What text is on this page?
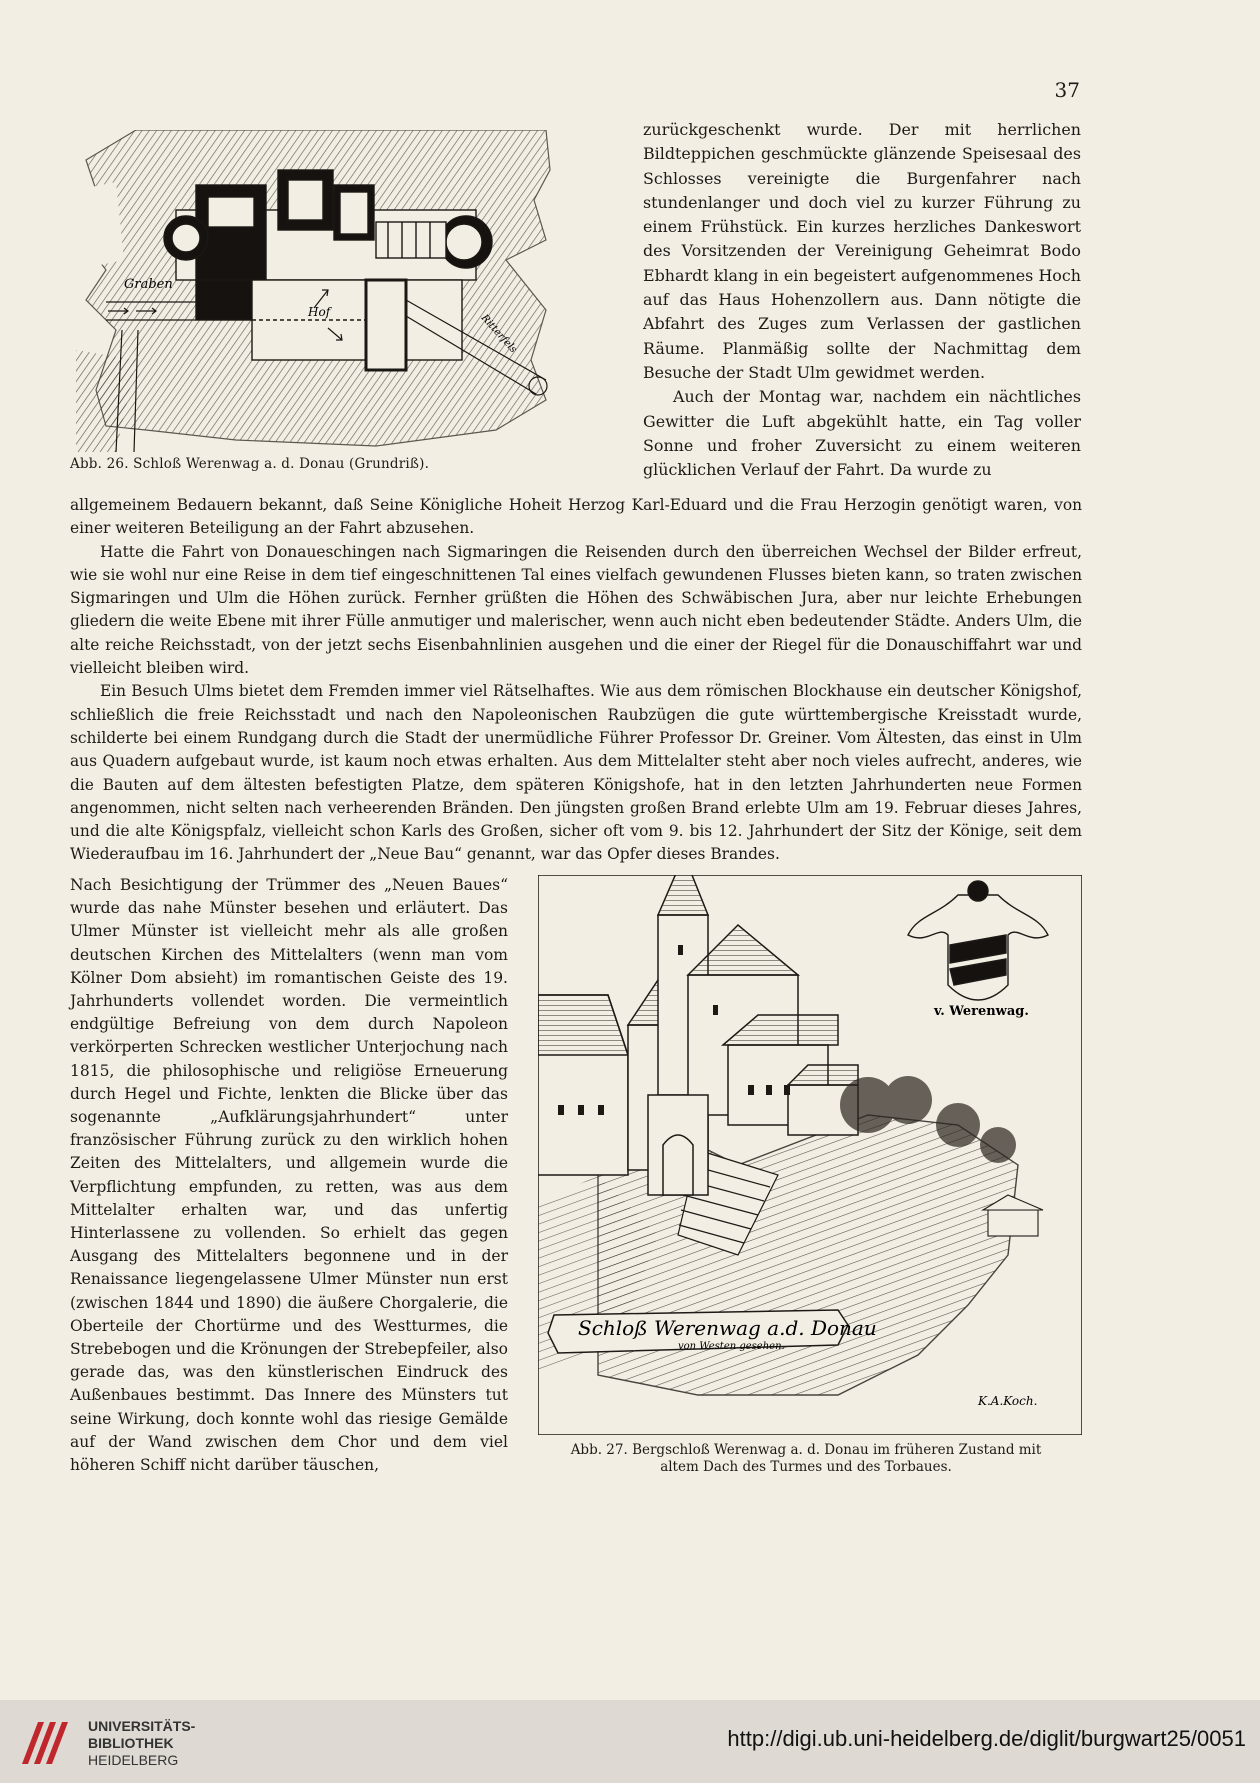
37
Graben
Hof
Ritterfels
Abb. 26. Schloß Werenwag a. d. Donau (Grundriß).

zurückgeschenkt wurde. Der mit herrlichen Bildteppichen geschmückte glänzende Speisesaal des Schlosses vereinigte die Burgenfahrer nach stundenlanger und doch viel zu kurzer Führung zu einem Frühstück. Ein kurzes herzliches Dankeswort des Vorsitzenden der Vereinigung Geheimrat Bodo Ebhardt klang in ein begeistert aufgenommenes Hoch auf das Haus Hohenzollern aus. Dann nötigte die Abfahrt des Zuges zum Verlassen der gastlichen Räume. Planmäßig sollte der Nachmittag dem Besuche der Stadt Ulm gewidmet werden.

Auch der Montag war, nachdem ein nächtliches Gewitter die Luft abgekühlt hatte, ein Tag voller Sonne und froher Zuversicht zu einem weiteren glücklichen Verlauf der Fahrt. Da wurde zu

allgemeinem Bedauern bekannt, daß Seine Königliche Hoheit Herzog Karl-Eduard und die Frau Herzogin genötigt waren, von einer weiteren Beteiligung an der Fahrt abzusehen.

Hatte die Fahrt von Donaueschingen nach Sigmaringen die Reisenden durch den überreichen Wechsel der Bilder erfreut, wie sie wohl nur eine Reise in dem tief eingeschnittenen Tal eines vielfach gewundenen Flusses bieten kann, so traten zwischen Sigmaringen und Ulm die Höhen zurück. Fernher grüßten die Höhen des Schwäbischen Jura, aber nur leichte Erhebungen gliedern die weite Ebene mit ihrer Fülle anmutiger und malerischer, wenn auch nicht eben bedeutender Städte. Anders Ulm, die alte reiche Reichsstadt, von der jetzt sechs Eisenbahnlinien ausgehen und die einer der Riegel für die Donauschiffahrt war und vielleicht bleiben wird.

Ein Besuch Ulms bietet dem Fremden immer viel Rätselhaftes. Wie aus dem römischen Blockhause ein deutscher Königshof, schließlich die freie Reichsstadt und nach den Napoleonischen Raubzügen die gute württembergische Kreisstadt wurde, schilderte bei einem Rundgang durch die Stadt der unermüdliche Führer Professor Dr. Greiner. Vom Ältesten, das einst in Ulm aus Quadern aufgebaut wurde, ist kaum noch etwas erhalten. Aus dem Mittelalter steht aber noch vieles aufrecht, anderes, wie die Bauten auf dem ältesten befestigten Platze, dem späteren Königshofe, hat in den letzten Jahrhunderten neue Formen angenommen, nicht selten nach verheerenden Bränden. Den jüngsten großen Brand erlebte Ulm am 19. Februar dieses Jahres, und die alte Königspfalz, vielleicht schon Karls des Großen, sicher oft vom 9. bis 12. Jahrhundert der Sitz der Könige, seit dem Wiederaufbau im 16. Jahrhundert der „Neue Bau“ genannt, war das Opfer dieses Brandes.

Nach Besichtigung der Trümmer des „Neuen Baues“ wurde das nahe Münster besehen und erläutert. Das Ulmer Münster ist vielleicht mehr als alle großen deutschen Kirchen des Mittelalters (wenn man vom Kölner Dom absieht) im romantischen Geiste des 19. Jahrhunderts vollendet worden. Die vermeintlich endgültige Befreiung von dem durch Napoleon verkörperten Schrecken westlicher Unterjochung nach 1815, die philosophische und religiöse Erneuerung durch Hegel und Fichte, lenkten die Blicke über das sogenannte „Aufklärungsjahrhundert“ unter französischer Führung zurück zu den wirklich hohen Zeiten des Mittelalters, und allgemein wurde die Verpflichtung empfunden, zu retten, was aus dem Mittelalter erhalten war, und das unfertig Hinterlassene zu vollenden. So erhielt das gegen Ausgang des Mittelalters begonnene und in der Renaissance liegengelassene Ulmer Münster nun erst (zwischen 1844 und 1890) die äußere Chorgalerie, die Oberteile der Chortürme und des Westturmes, die Strebebogen und die Krönungen der Strebepfeiler, also gerade das, was den künstlerischen Eindruck des Außenbaues bestimmt. Das Innere des Münsters tut seine Wirkung, doch konnte wohl das riesige Gemälde auf der Wand zwischen dem Chor und dem viel höheren Schiff nicht darüber täuschen,

v. Werenwag.
Schloß Werenwag a.d. Donau
von Westen gesehen.
K.A.Koch.
Abb. 27. Bergschloß Werenwag a. d. Donau im früheren Zustand mit
altem Dach des Turmes und des Torbaues.
UNIVERSITÄTS-
BIBLIOTHEK
HEIDELBERG
http://digi.ub.uni-heidelberg.de/diglit/burgwart25/0051
